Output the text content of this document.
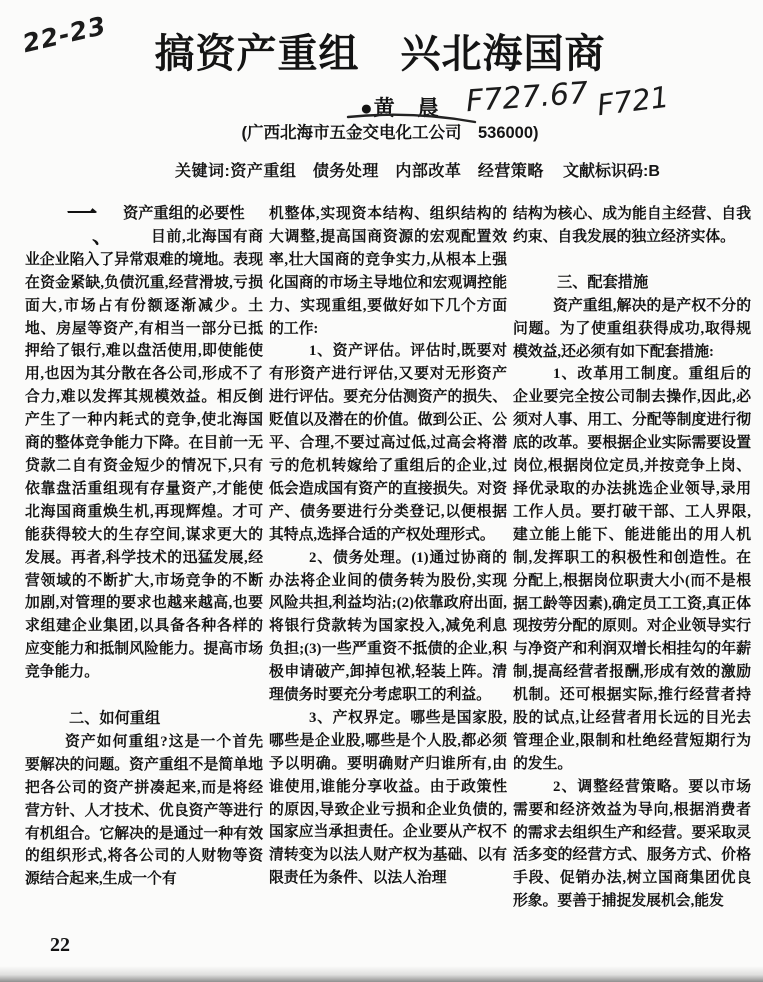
22-23	搞资产重组　兴北海国商
●黄　晨 F727.67 F721
(广西北海市五金交电化工公司　536000)
关键词:资产重组　债务处理　内部改革　经营策略 文献标识码:B
一
、
资产重组的必要性
目前,北海国有商业企业陷入了异常艰难的境地。表现在资金紧缺,负债沉重,经营滑坡,亏损面大,市场占有份额逐渐减少。土地、房屋等资产,有相当一部分已抵押给了银行,难以盘活使用,即使能使用,也因为其分散在各公司,形成不了合力,难以发挥其规模效益。相反倒产生了一种内耗式的竞争,使北海国商的整体竞争能力下降。在目前一无贷款二自有资金短少的情况下,只有依靠盘活重组现有存量资产,才能使北海国商重焕生机,再现辉煌。才可能获得较大的生存空间,谋求更大的发展。再者,科学技术的迅猛发展,经营领域的不断扩大,市场竞争的不断加剧,对管理的要求也越来越高,也要求组建企业集团,以具备各种各样的应变能力和抵制风险能力。提高市场竞争能力。
二、如何重组
资产如何重组?这是一个首先要解决的问题。资产重组不是简单地把各公司的资产拼凑起来,而是将经营方针、人才技术、优良资产等进行有机组合。它解决的是通过一种有效的组织形式,将各公司的人财物等资源结合起来,生成一个有
机整体,实现资本结构、组织结构的大调整,提高国商资源的宏观配置效率,壮大国商的竞争实力,从根本上强化国商的市场主导地位和宏观调控能力、实现重组,要做好如下几个方面的工作:
1、资产评估。评估时,既要对有形资产进行评估,又要对无形资产进行评估。要充分估测资产的损失、贬值以及潜在的价值。做到公正、公平、合理,不要过高过低,过高会将潜亏的危机转嫁给了重组后的企业,过低会造成国有资产的直接损失。对资产、债务要进行分类登记,以便根据其特点,选择合适的产权处理形式。
2、债务处理。(1)通过协商的办法将企业间的债务转为股份,实现风险共担,利益均沾;(2)依靠政府出面,将银行贷款转为国家投入,减免利息负担;(3)一些严重资不抵债的企业,积极申请破产,卸掉包袱,轻装上阵。清理债务时要充分考虑职工的利益。
3、产权界定。哪些是国家股,哪些是企业股,哪些是个人股,都必须予以明确。要明确财产归谁所有,由谁使用,谁能分享收益。由于政策性的原因,导致企业亏损和企业负债的,国家应当承担责任。企业要从产权不清转变为以法人财产权为基础、以有限责任为条件、以法人治理
结构为核心、成为能自主经营、自我约束、自我发展的独立经济实体。
三、配套措施
资产重组,解决的是产权不分的问题。为了使重组获得成功,取得规模效益,还必须有如下配套措施:
1、改革用工制度。重组后的企业要完全按公司制去操作,因此,必须对人事、用工、分配等制度进行彻底的改革。要根据企业实际需要设置岗位,根据岗位定员,并按竞争上岗、择优录取的办法挑选企业领导,录用工作人员。要打破干部、工人界限,建立能上能下、能进能出的用人机制,发挥职工的积极性和创造性。在分配上,根据岗位职责大小(而不是根据工龄等因素),确定员工工资,真正体现按劳分配的原则。对企业领导实行与净资产和利润双增长相挂勾的年薪制,提高经营者报酬,形成有效的激励机制。还可根据实际,推行经营者持股的试点,让经营者用长远的目光去管理企业,限制和杜绝经营短期行为的发生。
2、调整经营策略。要以市场需要和经济效益为导向,根据消费者的需求去组织生产和经营。要采取灵活多变的经营方式、服务方式、价格手段、促销办法,树立国商集团优良形象。要善于捕捉发展机会,能发
22
